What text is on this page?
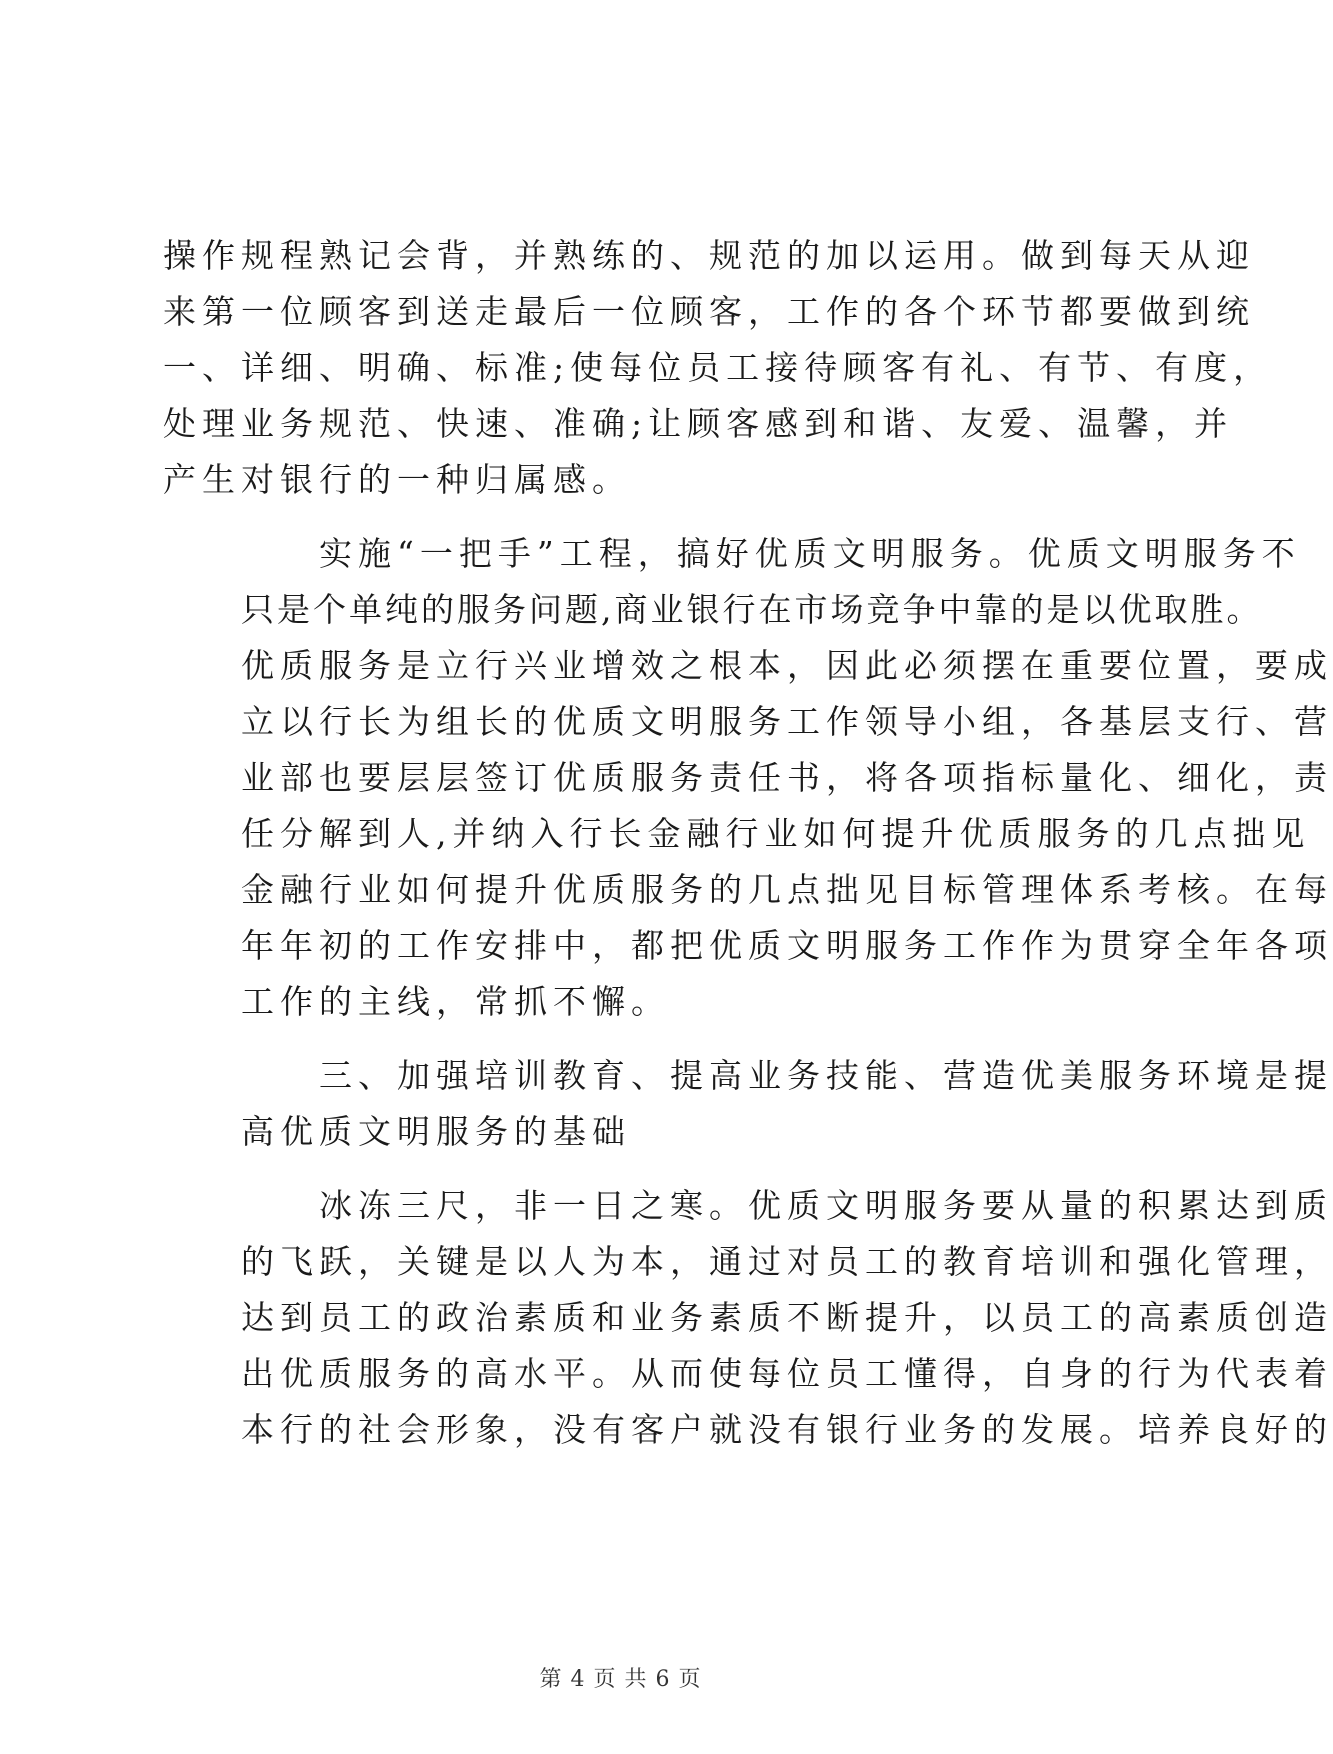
操作规程熟记会背，并熟练的、规范的加以运用。做到每天从迎
来第一位顾客到送走最后一位顾客，工作的各个环节都要做到统
一、详细、明确、标准;使每位员工接待顾客有礼、有节、有度，
处理业务规范、快速、准确;让顾客感到和谐、友爱、温馨，并
产生对银行的一种归属感。

实施“一把手”工程，搞好优质文明服务。优质文明服务不
只是个单纯的服务问题,商业银行在市场竞争中靠的是以优取胜。
优质服务是立行兴业增效之根本，因此必须摆在重要位置，要成
立以行长为组长的优质文明服务工作领导小组，各基层支行、营
业部也要层层签订优质服务责任书，将各项指标量化、细化，责
任分解到人,并纳入行长金融行业如何提升优质服务的几点拙见
金融行业如何提升优质服务的几点拙见目标管理体系考核。在每
年年初的工作安排中，都把优质文明服务工作作为贯穿全年各项
工作的主线，常抓不懈。

三、加强培训教育、提高业务技能、营造优美服务环境是提
高优质文明服务的基础

冰冻三尺，非一日之寒。优质文明服务要从量的积累达到质
的飞跃，关键是以人为本，通过对员工的教育培训和强化管理，
达到员工的政治素质和业务素质不断提升，以员工的高素质创造
出优质服务的高水平。从而使每位员工懂得，自身的行为代表着
本行的社会形象，没有客户就没有银行业务的发展。培养良好的

第 4 页 共 6 页
